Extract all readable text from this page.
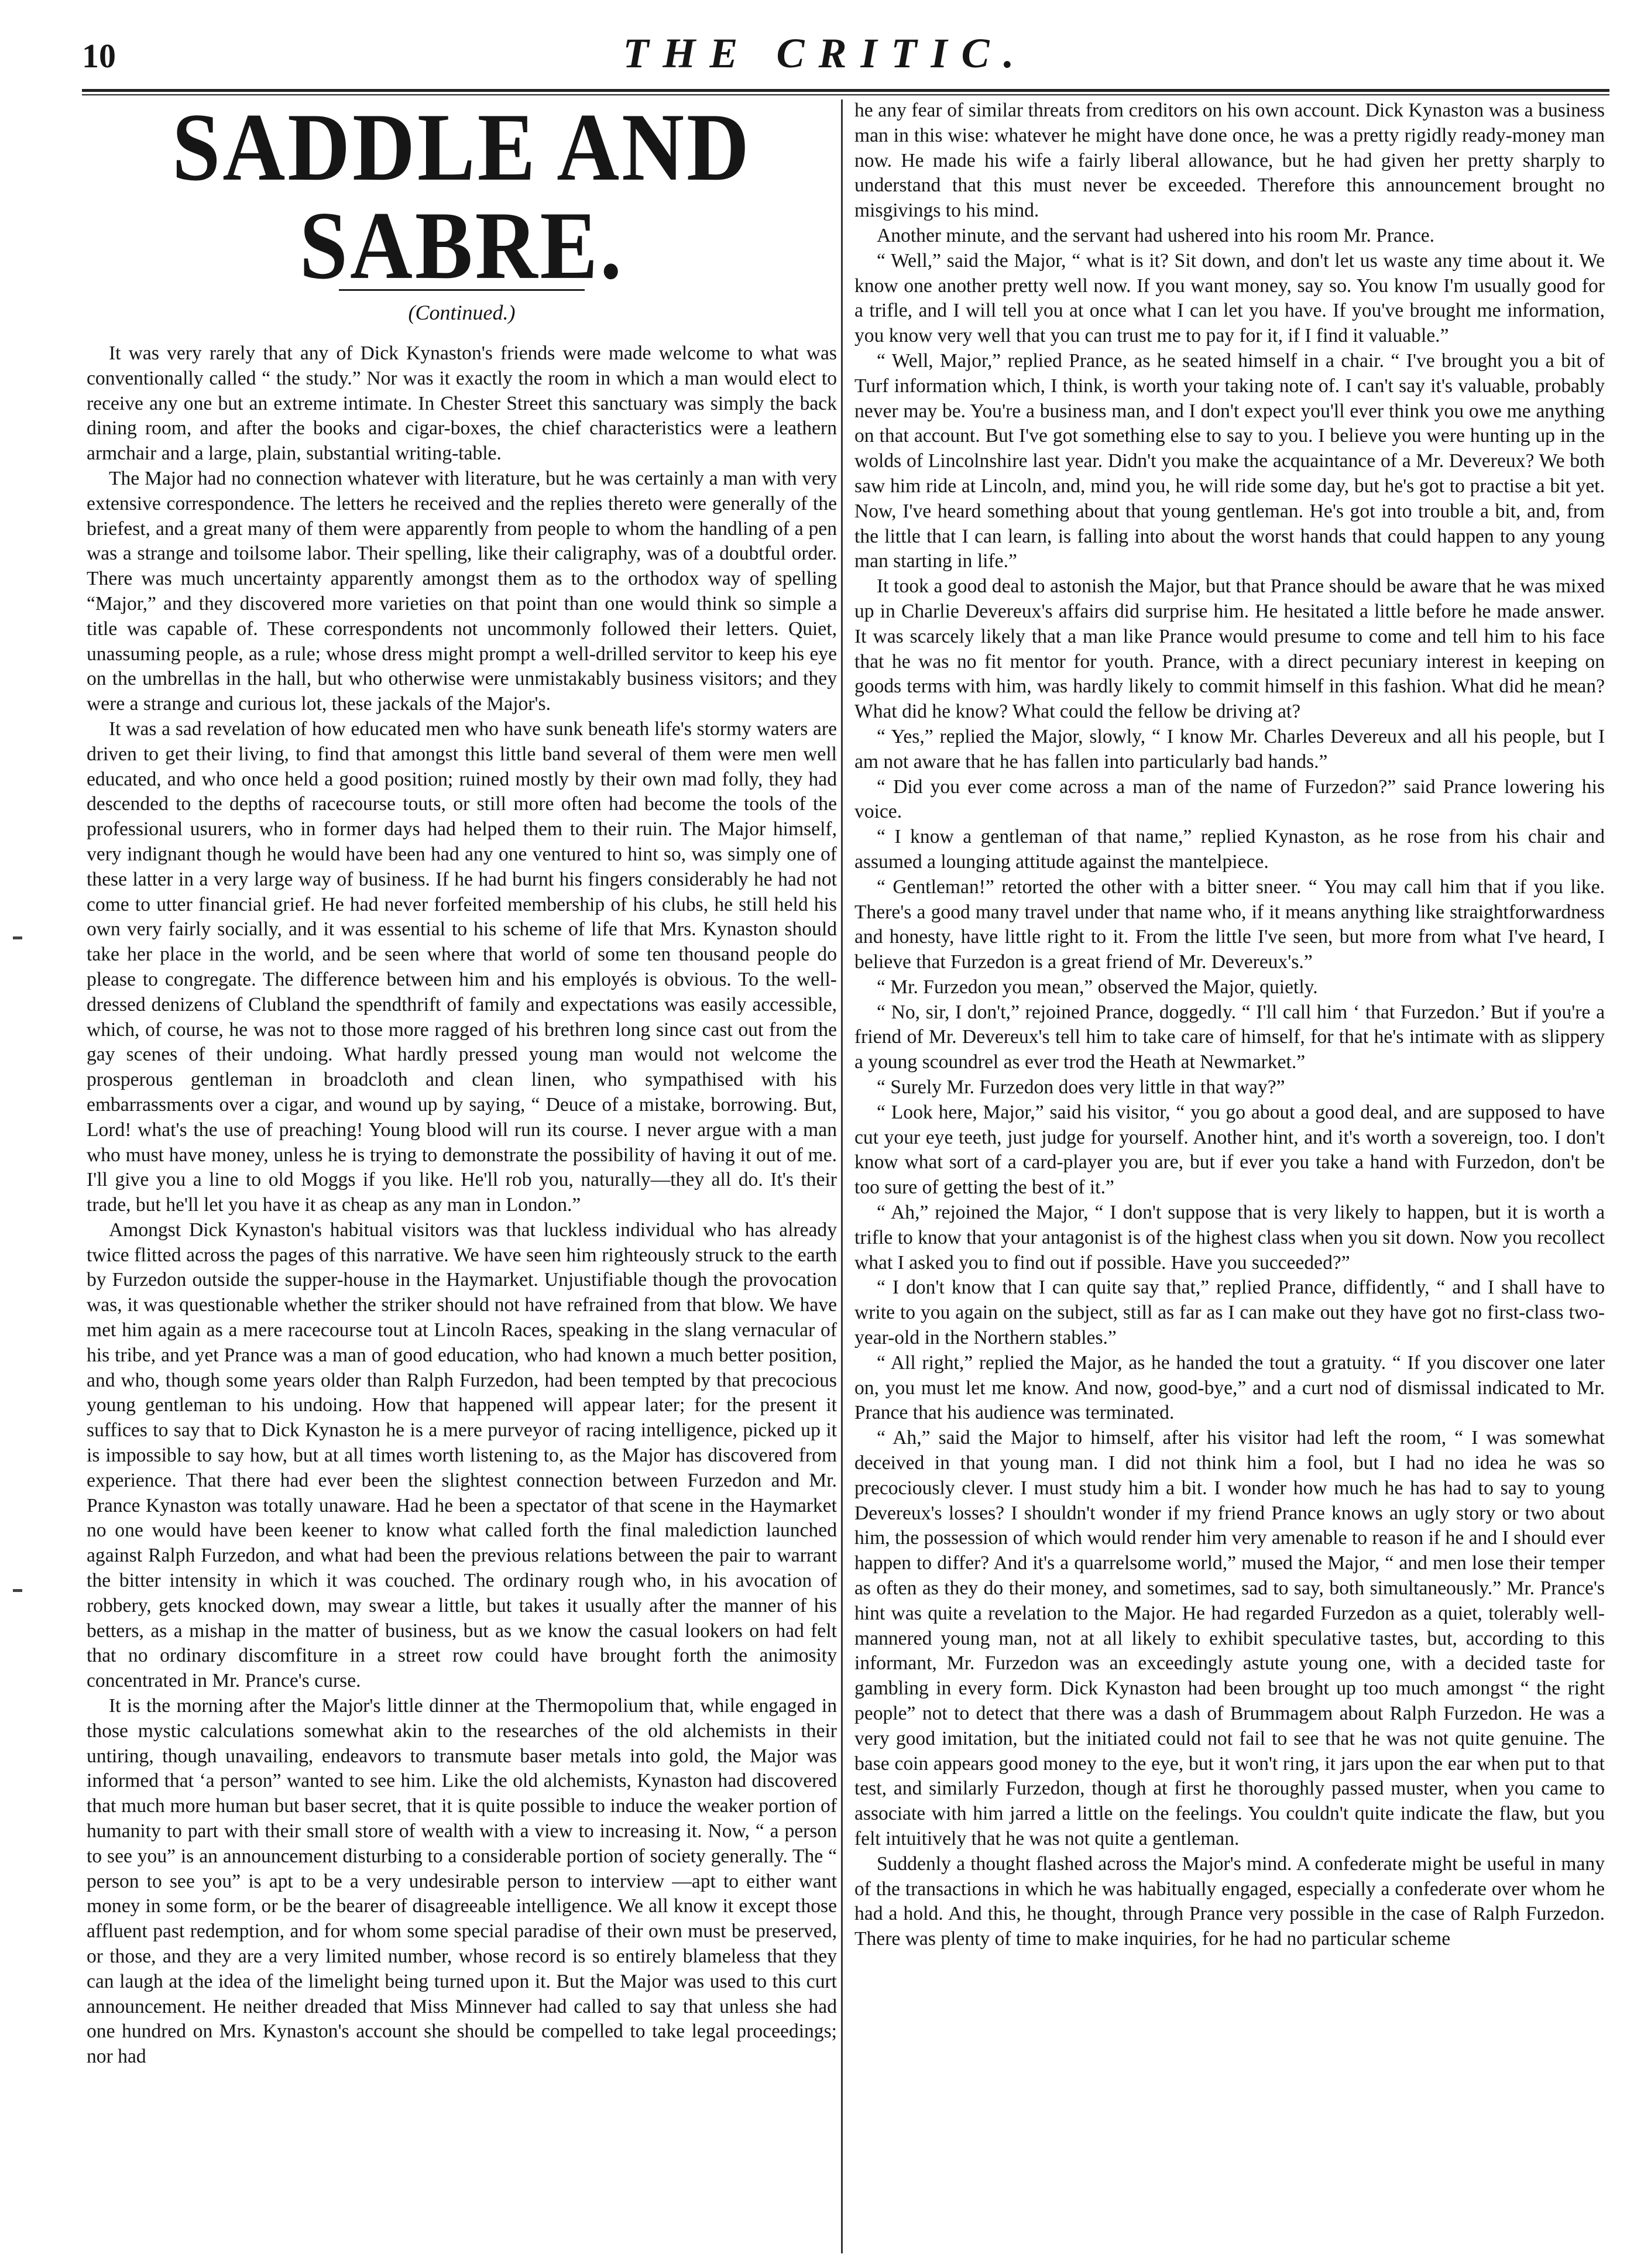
10	THE CRITIC.
SADDLE AND SABRE.
(Continued.)

It was very rarely that any of Dick Kynaston's friends were made welcome to what was conventionally called “ the study.” Nor was it exactly the room in which a man would elect to receive any one but an extreme intimate. In Chester Street this sanctuary was simply the back dining room, and after the books and cigar-boxes, the chief characteristics were a leathern armchair and a large, plain, substantial writing-table.

The Major had no connection whatever with literature, but he was certainly a man with very extensive correspondence. The letters he received and the replies thereto were generally of the briefest, and a great many of them were apparently from people to whom the handling of a pen was a strange and toilsome labor. Their spelling, like their caligraphy, was of a doubtful order. There was much uncertainty apparently amongst them as to the orthodox way of spelling “Major,” and they discovered more varieties on that point than one would think so simple a title was capable of. These correspondents not uncommonly followed their letters. Quiet, unassuming people, as a rule; whose dress might prompt a well-drilled servitor to keep his eye on the umbrellas in the hall, but who otherwise were unmistakably business visitors; and they were a strange and curious lot, these jackals of the Major's.

It was a sad revelation of how educated men who have sunk beneath life's stormy waters are driven to get their living, to find that amongst this little band several of them were men well educated, and who once held a good position; ruined mostly by their own mad folly, they had descended to the depths of racecourse touts, or still more often had become the tools of the professional usurers, who in former days had helped them to their ruin. The Major himself, very indignant though he would have been had any one ventured to hint so, was simply one of these latter in a very large way of business. If he had burnt his fingers considerably he had not come to utter financial grief. He had never forfeited membership of his clubs, he still held his own very fairly socially, and it was essential to his scheme of life that Mrs. Kynaston should take her place in the world, and be seen where that world of some ten thousand people do please to congregate. The difference between him and his employés is obvious. To the well-dressed denizens of Clubland the spendthrift of family and expectations was easily accessible, which, of course, he was not to those more ragged of his brethren long since cast out from the gay scenes of their undoing. What hardly pressed young man would not welcome the prosperous gentleman in broadcloth and clean linen, who sympathised with his embarrassments over a cigar, and wound up by saying, “ Deuce of a mistake, borrowing. But, Lord! what's the use of preaching! Young blood will run its course. I never argue with a man who must have money, unless he is trying to demonstrate the possibility of having it out of me. I'll give you a line to old Moggs if you like. He'll rob you, naturally—they all do. It's their trade, but he'll let you have it as cheap as any man in London.”

Amongst Dick Kynaston's habitual visitors was that luckless individual who has already twice flitted across the pages of this narrative. We have seen him righteously struck to the earth by Furzedon outside the supper-house in the Haymarket. Unjustifiable though the provocation was, it was questionable whether the striker should not have refrained from that blow. We have met him again as a mere racecourse tout at Lincoln Races, speaking in the slang vernacular of his tribe, and yet Prance was a man of good education, who had known a much better position, and who, though some years older than Ralph Furzedon, had been tempted by that precocious young gentleman to his undoing. How that happened will appear later; for the present it suffices to say that to Dick Kynaston he is a mere purveyor of racing intelligence, picked up it is impossible to say how, but at all times worth listening to, as the Major has discovered from experience. That there had ever been the slightest connection between Furzedon and Mr. Prance Kynaston was totally unaware. Had he been a spectator of that scene in the Haymarket no one would have been keener to know what called forth the final malediction launched against Ralph Furzedon, and what had been the previous relations between the pair to warrant the bitter intensity in which it was couched. The ordinary rough who, in his avocation of robbery, gets knocked down, may swear a little, but takes it usually after the manner of his betters, as a mishap in the matter of business, but as we know the casual lookers on had felt that no ordinary discomfiture in a street row could have brought forth the animosity concentrated in Mr. Prance's curse.

It is the morning after the Major's little dinner at the Thermopolium that, while engaged in those mystic calculations somewhat akin to the researches of the old alchemists in their untiring, though unavailing, endeavors to transmute baser metals into gold, the Major was informed that ‘a person” wanted to see him. Like the old alchemists, Kynaston had discovered that much more human but baser secret, that it is quite possible to induce the weaker portion of humanity to part with their small store of wealth with a view to increasing it. Now, “ a person to see you” is an announcement disturbing to a considerable portion of society generally. The “ person to see you” is apt to be a very undesirable person to interview —apt to either want money in some form, or be the bearer of disagreeable intelligence. We all know it except those affluent past redemption, and for whom some special paradise of their own must be preserved, or those, and they are a very limited number, whose record is so entirely blameless that they can laugh at the idea of the limelight being turned upon it. But the Major was used to this curt announcement. He neither dreaded that Miss Minnever had called to say that unless she had one hundred on Mrs. Kynaston's account she should be compelled to take legal proceedings; nor had

he any fear of similar threats from creditors on his own account. Dick Kynaston was a business man in this wise: whatever he might have done once, he was a pretty rigidly ready-money man now. He made his wife a fairly liberal allowance, but he had given her pretty sharply to understand that this must never be exceeded. Therefore this announcement brought no misgivings to his mind.

Another minute, and the servant had ushered into his room Mr. Prance.

“ Well,” said the Major, “ what is it? Sit down, and don't let us waste any time about it. We know one another pretty well now. If you want money, say so. You know I'm usually good for a trifle, and I will tell you at once what I can let you have. If you've brought me information, you know very well that you can trust me to pay for it, if I find it valuable.”

“ Well, Major,” replied Prance, as he seated himself in a chair. “ I've brought you a bit of Turf information which, I think, is worth your taking note of. I can't say it's valuable, probably never may be. You're a business man, and I don't expect you'll ever think you owe me anything on that account. But I've got something else to say to you. I believe you were hunting up in the wolds of Lincolnshire last year. Didn't you make the acquaintance of a Mr. Devereux? We both saw him ride at Lincoln, and, mind you, he will ride some day, but he's got to practise a bit yet. Now, I've heard something about that young gentleman. He's got into trouble a bit, and, from the little that I can learn, is falling into about the worst hands that could happen to any young man starting in life.”

It took a good deal to astonish the Major, but that Prance should be aware that he was mixed up in Charlie Devereux's affairs did surprise him. He hesitated a little before he made answer. It was scarcely likely that a man like Prance would presume to come and tell him to his face that he was no fit mentor for youth. Prance, with a direct pecuniary interest in keeping on goods terms with him, was hardly likely to commit himself in this fashion. What did he mean? What did he know? What could the fellow be driving at?

“ Yes,” replied the Major, slowly, “ I know Mr. Charles Devereux and all his people, but I am not aware that he has fallen into particularly bad hands.”

“ Did you ever come across a man of the name of Furzedon?” said Prance lowering his voice.

“ I know a gentleman of that name,” replied Kynaston, as he rose from his chair and assumed a lounging attitude against the mantelpiece.

“ Gentleman!” retorted the other with a bitter sneer. “ You may call him that if you like. There's a good many travel under that name who, if it means anything like straightforwardness and honesty, have little right to it. From the little I've seen, but more from what I've heard, I believe that Furzedon is a great friend of Mr. Devereux's.”

“ Mr. Furzedon you mean,” observed the Major, quietly.

“ No, sir, I don't,” rejoined Prance, doggedly. “ I'll call him ‘ that Furzedon.’ But if you're a friend of Mr. Devereux's tell him to take care of himself, for that he's intimate with as slippery a young scoundrel as ever trod the Heath at Newmarket.”

“ Surely Mr. Furzedon does very little in that way?”

“ Look here, Major,” said his visitor, “ you go about a good deal, and are supposed to have cut your eye teeth, just judge for yourself. Another hint, and it's worth a sovereign, too. I don't know what sort of a card-player you are, but if ever you take a hand with Furzedon, don't be too sure of getting the best of it.”

“ Ah,” rejoined the Major, “ I don't suppose that is very likely to happen, but it is worth a trifle to know that your antagonist is of the highest class when you sit down. Now you recollect what I asked you to find out if possible. Have you succeeded?”

“ I don't know that I can quite say that,” replied Prance, diffidently, “ and I shall have to write to you again on the subject, still as far as I can make out they have got no first-class two-year-old in the Northern stables.”

“ All right,” replied the Major, as he handed the tout a gratuity. “ If you discover one later on, you must let me know. And now, good-bye,” and a curt nod of dismissal indicated to Mr. Prance that his audience was terminated.

“ Ah,” said the Major to himself, after his visitor had left the room, “ I was somewhat deceived in that young man. I did not think him a fool, but I had no idea he was so precociously clever. I must study him a bit. I wonder how much he has had to say to young Devereux's losses? I shouldn't wonder if my friend Prance knows an ugly story or two about him, the possession of which would render him very amenable to reason if he and I should ever happen to differ? And it's a quarrelsome world,” mused the Major, “ and men lose their temper as often as they do their money, and sometimes, sad to say, both simultaneously.” Mr. Prance's hint was quite a revelation to the Major. He had regarded Furzedon as a quiet, tolerably well-mannered young man, not at all likely to exhibit speculative tastes, but, according to this informant, Mr. Furzedon was an exceedingly astute young one, with a decided taste for gambling in every form. Dick Kynaston had been brought up too much amongst “ the right people” not to detect that there was a dash of Brummagem about Ralph Furzedon. He was a very good imitation, but the initiated could not fail to see that he was not quite genuine. The base coin appears good money to the eye, but it won't ring, it jars upon the ear when put to that test, and similarly Furzedon, though at first he thoroughly passed muster, when you came to associate with him jarred a little on the feelings. You couldn't quite indicate the flaw, but you felt intuitively that he was not quite a gentleman.

Suddenly a thought flashed across the Major's mind. A confederate might be useful in many of the transactions in which he was habitually engaged, especially a confederate over whom he had a hold. And this, he thought, through Prance very possible in the case of Ralph Furzedon. There was plenty of time to make inquiries, for he had no particular scheme
